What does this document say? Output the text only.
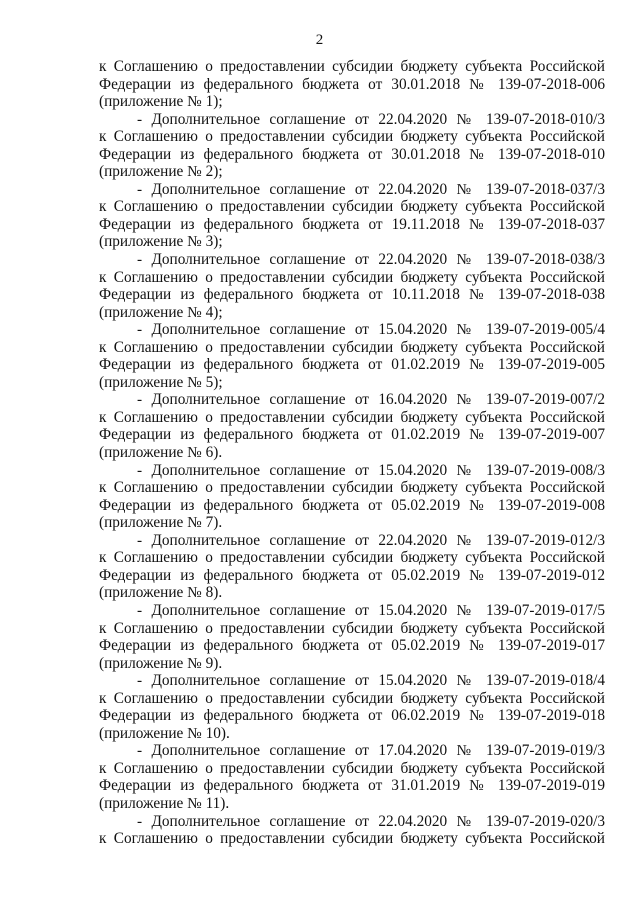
2
к Соглашению о предоставлении субсидии бюджету субъекта Российской
Федерации из федерального бюджета от 30.01.2018 № 139-07-2018-006
(приложение № 1);
- Дополнительное соглашение от 22.04.2020 № 139-07-2018-010/3
к Соглашению о предоставлении субсидии бюджету субъекта Российской
Федерации из федерального бюджета от 30.01.2018 № 139-07-2018-010
(приложение № 2);
- Дополнительное соглашение от 22.04.2020 № 139-07-2018-037/3
к Соглашению о предоставлении субсидии бюджету субъекта Российской
Федерации из федерального бюджета от 19.11.2018 № 139-07-2018-037
(приложение № 3);
- Дополнительное соглашение от 22.04.2020 № 139-07-2018-038/3
к Соглашению о предоставлении субсидии бюджету субъекта Российской
Федерации из федерального бюджета от 10.11.2018 № 139-07-2018-038
(приложение № 4);
- Дополнительное соглашение от 15.04.2020 № 139-07-2019-005/4
к Соглашению о предоставлении субсидии бюджету субъекта Российской
Федерации из федерального бюджета от 01.02.2019 № 139-07-2019-005
(приложение № 5);
- Дополнительное соглашение от 16.04.2020 № 139-07-2019-007/2
к Соглашению о предоставлении субсидии бюджету субъекта Российской
Федерации из федерального бюджета от 01.02.2019 № 139-07-2019-007
(приложение № 6).
- Дополнительное соглашение от 15.04.2020 № 139-07-2019-008/3
к Соглашению о предоставлении субсидии бюджету субъекта Российской
Федерации из федерального бюджета от 05.02.2019 № 139-07-2019-008
(приложение № 7).
- Дополнительное соглашение от 22.04.2020 № 139-07-2019-012/3
к Соглашению о предоставлении субсидии бюджету субъекта Российской
Федерации из федерального бюджета от 05.02.2019 № 139-07-2019-012
(приложение № 8).
- Дополнительное соглашение от 15.04.2020 № 139-07-2019-017/5
к Соглашению о предоставлении субсидии бюджету субъекта Российской
Федерации из федерального бюджета от 05.02.2019 № 139-07-2019-017
(приложение № 9).
- Дополнительное соглашение от 15.04.2020 № 139-07-2019-018/4
к Соглашению о предоставлении субсидии бюджету субъекта Российской
Федерации из федерального бюджета от 06.02.2019 № 139-07-2019-018
(приложение № 10).
- Дополнительное соглашение от 17.04.2020 № 139-07-2019-019/3
к Соглашению о предоставлении субсидии бюджету субъекта Российской
Федерации из федерального бюджета от 31.01.2019 № 139-07-2019-019
(приложение № 11).
- Дополнительное соглашение от 22.04.2020 № 139-07-2019-020/3
к Соглашению о предоставлении субсидии бюджету субъекта Российской
